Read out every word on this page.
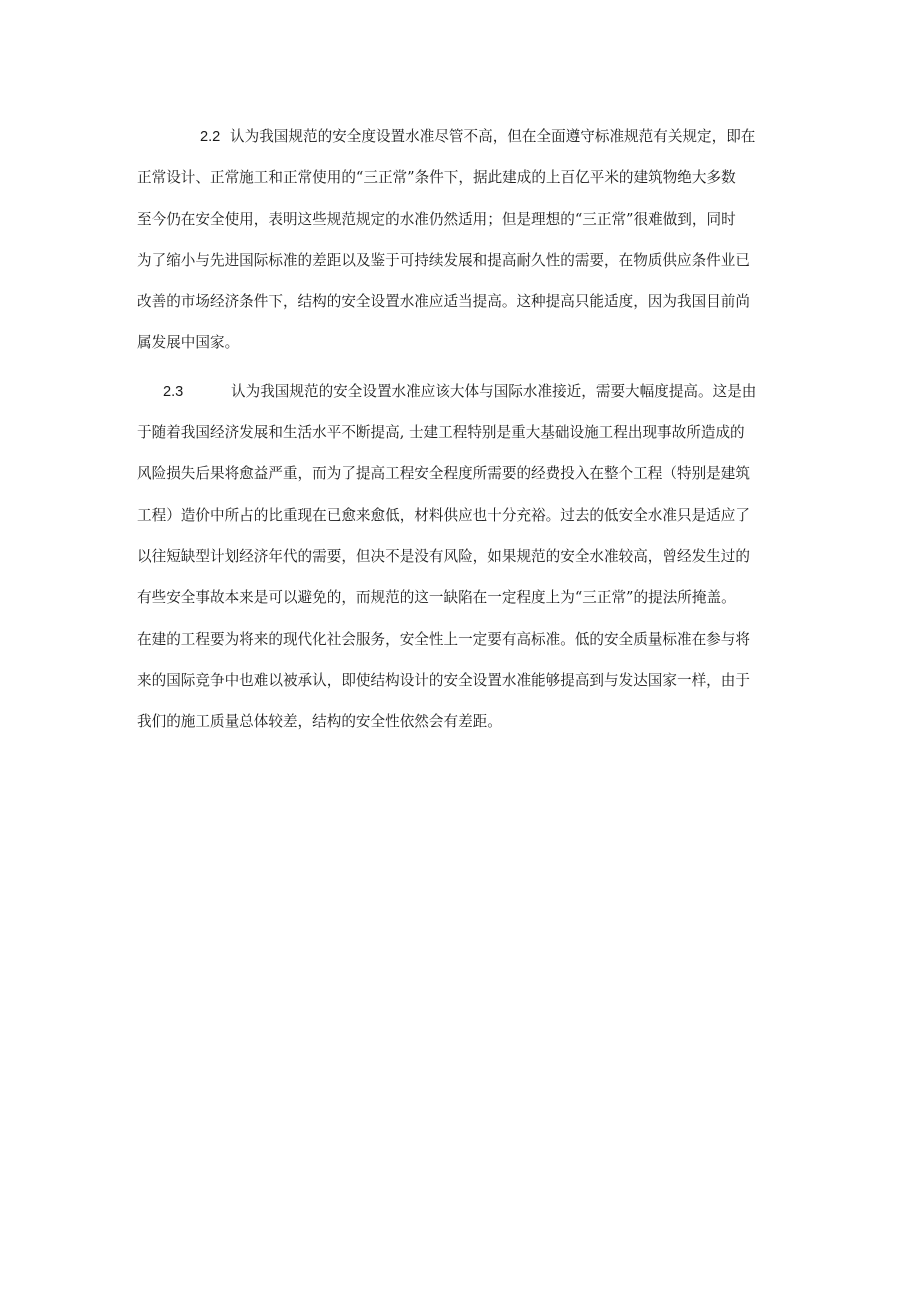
2.2 认为我国规范的安全度设置水准尽管不高，但在全面遵守标准规范有关规定，即在
正常设计、正常施工和正常使用的“三正常”条件下，据此建成的上百亿平米的建筑物绝大多数
至今仍在安全使用，表明这些规范规定的水准仍然适用；但是理想的“三正常”很难做到，同时
为了缩小与先进国际标准的差距以及鉴于可持续发展和提高耐久性的需要，在物质供应条件业已
改善的市场经济条件下，结构的安全设置水准应适当提高。这种提高只能适度，因为我国目前尚
属发展中国家。
2.3	认为我国规范的安全设置水准应该大体与国际水准接近，需要大幅度提高。这是由
于随着我国经济发展和生活水平不断提高, 士建工程特别是重大基础设施工程出现事故所造成的
风险损失后果将愈益严重，而为了提高工程安全程度所需要的经费投入在整个工程（特别是建筑
工程）造价中所占的比重现在已愈来愈低，材料供应也十分充裕。过去的低安全水准只是适应了
以往短缺型计划经济年代的需要，但决不是没有风险，如果规范的安全水准较高，曾经发生过的
有些安全事故本来是可以避免的，而规范的这一缺陷在一定程度上为“三正常”的提法所掩盖。
在建的工程要为将来的现代化社会服务，安全性上一定要有高标准。低的安全质量标准在参与将
来的国际竞争中也难以被承认，即使结构设计的安全设置水准能够提高到与发达国家一样，由于
我们的施工质量总体较差，结构的安全性依然会有差距。
